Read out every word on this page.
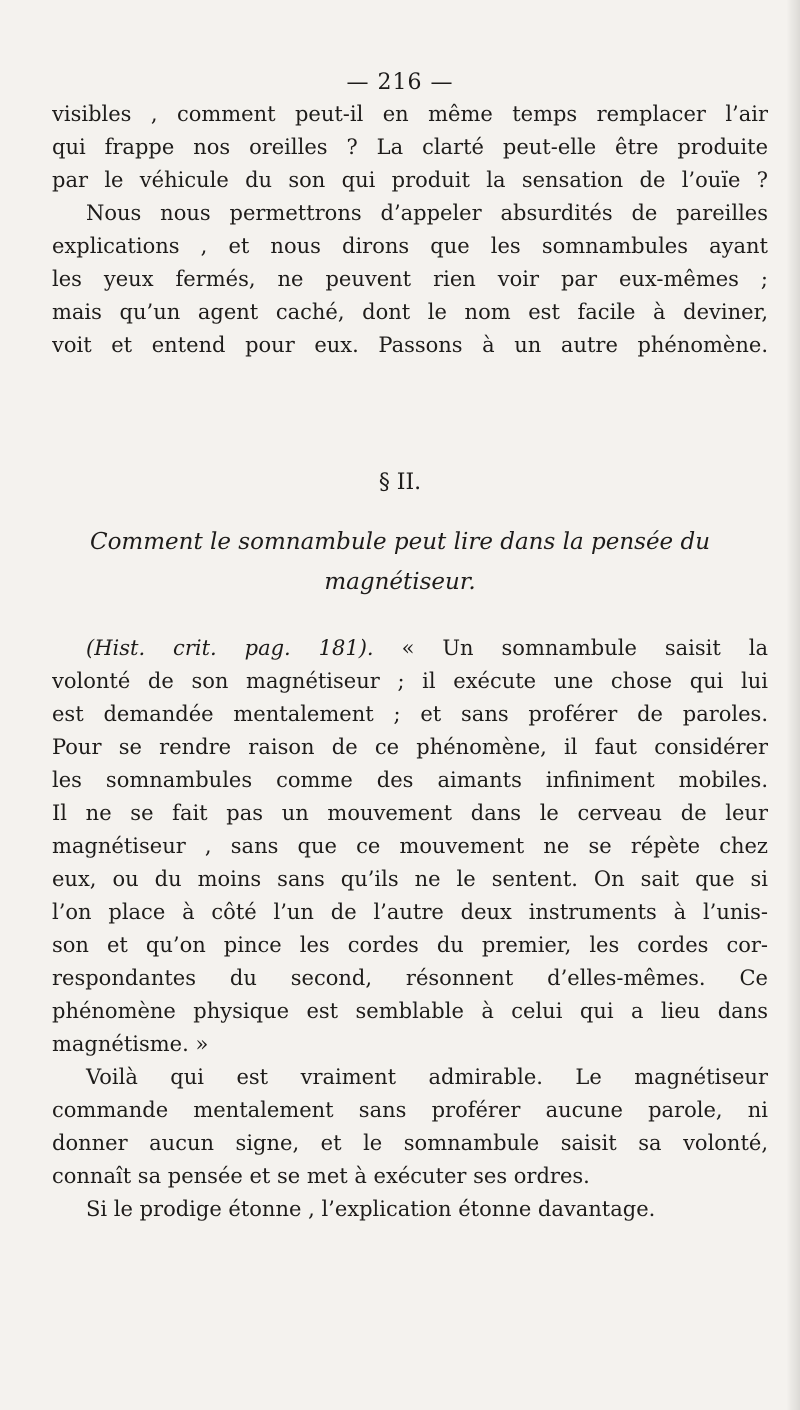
— 216 —
visibles , comment peut-il en même temps remplacer l’air
qui frappe nos oreilles ? La clarté peut-elle être produite
par le véhicule du son qui produit la sensation de l’ouïe ?
Nous nous permettrons d’appeler absurdités de pareilles
explications , et nous dirons que les somnambules ayant
les yeux fermés, ne peuvent rien voir par eux-mêmes ;
mais qu’un agent caché, dont le nom est facile à deviner,
voit et entend pour eux. Passons à un autre phénomène.
§ II.
Comment le somnambule peut lire dans la pensée du
magnétiseur.
(Hist. crit. pag. 181). « Un somnambule saisit la
volonté de son magnétiseur ; il exécute une chose qui lui
est demandée mentalement ; et sans proférer de paroles.
Pour se rendre raison de ce phénomène, il faut considérer
les somnambules comme des aimants infiniment mobiles.
Il ne se fait pas un mouvement dans le cerveau de leur
magnétiseur , sans que ce mouvement ne se répète chez
eux, ou du moins sans qu’ils ne le sentent. On sait que si
l’on place à côté l’un de l’autre deux instruments à l’unis-
son et qu’on pince les cordes du premier, les cordes cor-
respondantes du second, résonnent d’elles-mêmes. Ce
phénomène physique est semblable à celui qui a lieu dans
magnétisme. »
Voilà qui est vraiment admirable. Le magnétiseur
commande mentalement sans proférer aucune parole, ni
donner aucun signe, et le somnambule saisit sa volonté,
connaît sa pensée et se met à exécuter ses ordres.
Si le prodige étonne , l’explication étonne davantage.
